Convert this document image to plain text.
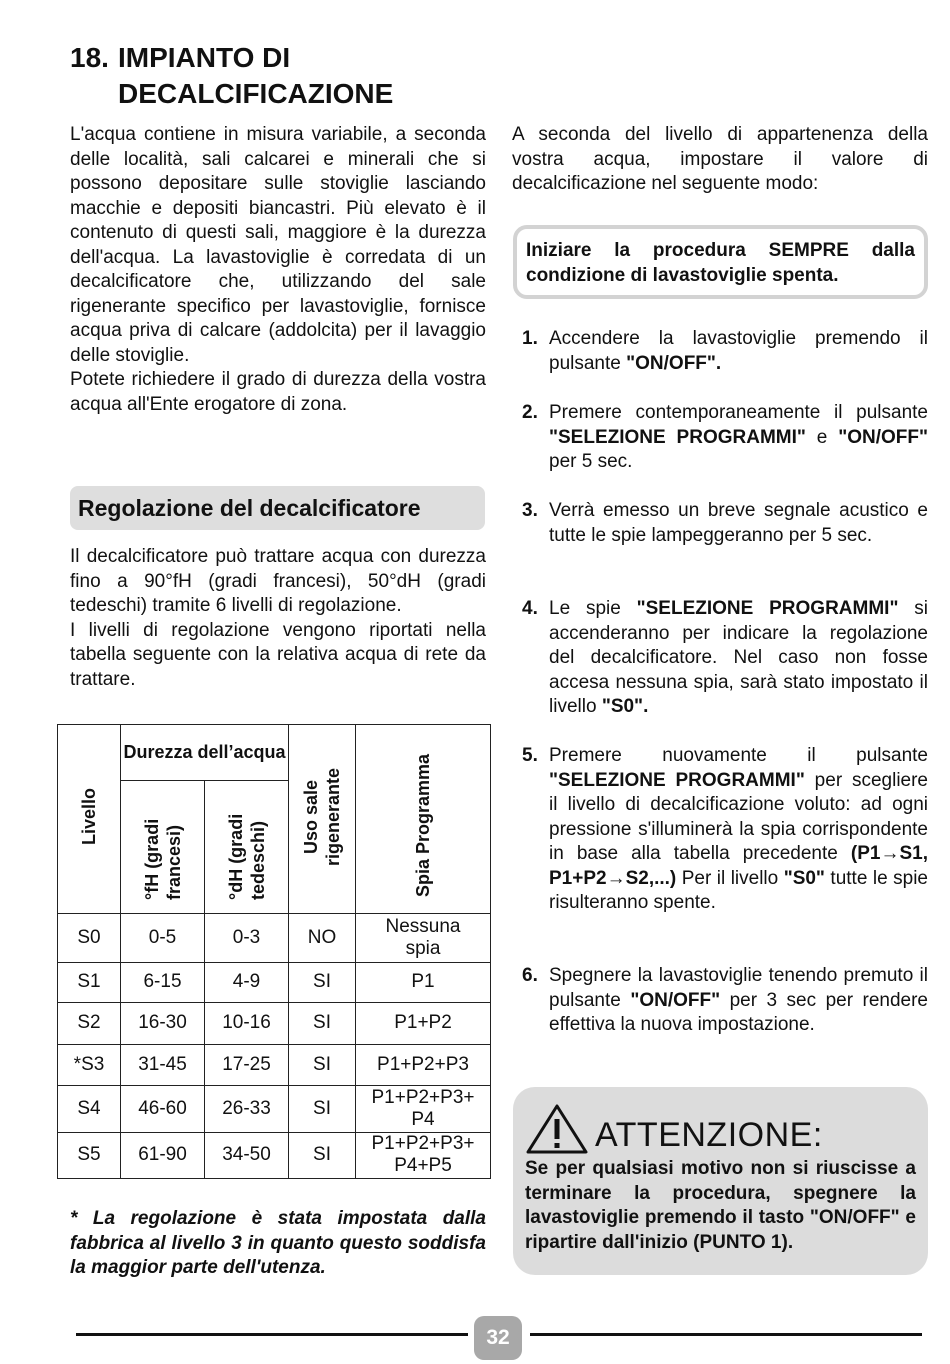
18. IMPIANTO DI
DECALCIFICAZIONE

L'acqua contiene in misura variabile, a seconda delle località, sali calcarei e minerali che si possono depositare sulle stoviglie lasciando macchie e depositi biancastri. Più elevato è il contenuto di questi sali, maggiore è la durezza dell'acqua. La lavastoviglie è corredata di un decalcificatore che, utilizzando del sale rigenerante specifico per lavastoviglie, fornisce acqua priva di calcare (addolcita) per il lavaggio delle stoviglie.

Potete richiedere il grado di durezza della vostra acqua all'Ente erogatore di zona.

Regolazione del decalcificatore

Il decalcificatore può trattare acqua con durezza fino a 90°fH (gradi francesi), 50°dH (gradi tedeschi) tramite 6 livelli di regolazione.

I livelli di regolazione vengono riportati nella tabella seguente con la relativa acqua di rete da trattare.

Livello	Durezza dell’acqua		Uso sale rigenerante	Spia Programma
	°fH (gradi francesi)	°dH (gradi tedeschi)		
S0	0-5	0-3	NO	Nessuna spia
S1	6-15	4-9	SI	P1
S2	16-30	10-16	SI	P1+P2
*S3	31-45	17-25	SI	P1+P2+P3
S4	46-60	26-33	SI	P1+P2+P3+ P4
S5	61-90	34-50	SI	P1+P2+P3+ P4+P5
* La regolazione è stata impostata dalla fabbrica al livello 3 in quanto questo soddisfa la maggior parte dell'utenza.
A seconda del livello di appartenenza della vostra acqua, impostare il valore di decalcificazione nel seguente modo:
Iniziare la procedura SEMPRE dalla condizione di lavastoviglie spenta.
1. Accendere la lavastoviglie premendo il pulsante "ON/OFF".
2. Premere contemporaneamente il pulsante "SELEZIONE PROGRAMMI" e "ON/OFF" per 5 sec.
3. Verrà emesso un breve segnale acustico e tutte le spie lampeggeranno per 5 sec.
4. Le spie "SELEZIONE PROGRAMMI" si accenderanno per indicare la regolazione del decalcificatore. Nel caso non fosse accesa nessuna spia, sarà stato impostato il livello "S0".
5. Premere nuovamente il pulsante "SELEZIONE PROGRAMMI" per scegliere il livello di decalcificazione voluto: ad ogni pressione s'illuminerà la spia corrispondente in base alla tabella precedente (P1→S1, P1+P2→S2,...) Per il livello "S0" tutte le spie risulteranno spente.
6. Spegnere la lavastoviglie tenendo premuto il pulsante "ON/OFF" per 3 sec per rendere effettiva la nuova impostazione.
ATTENZIONE:
Se per qualsiasi motivo non si riuscisse a terminare la procedura, spegnere la lavastoviglie premendo il tasto "ON/OFF" e ripartire dall'inizio (PUNTO 1).
32
